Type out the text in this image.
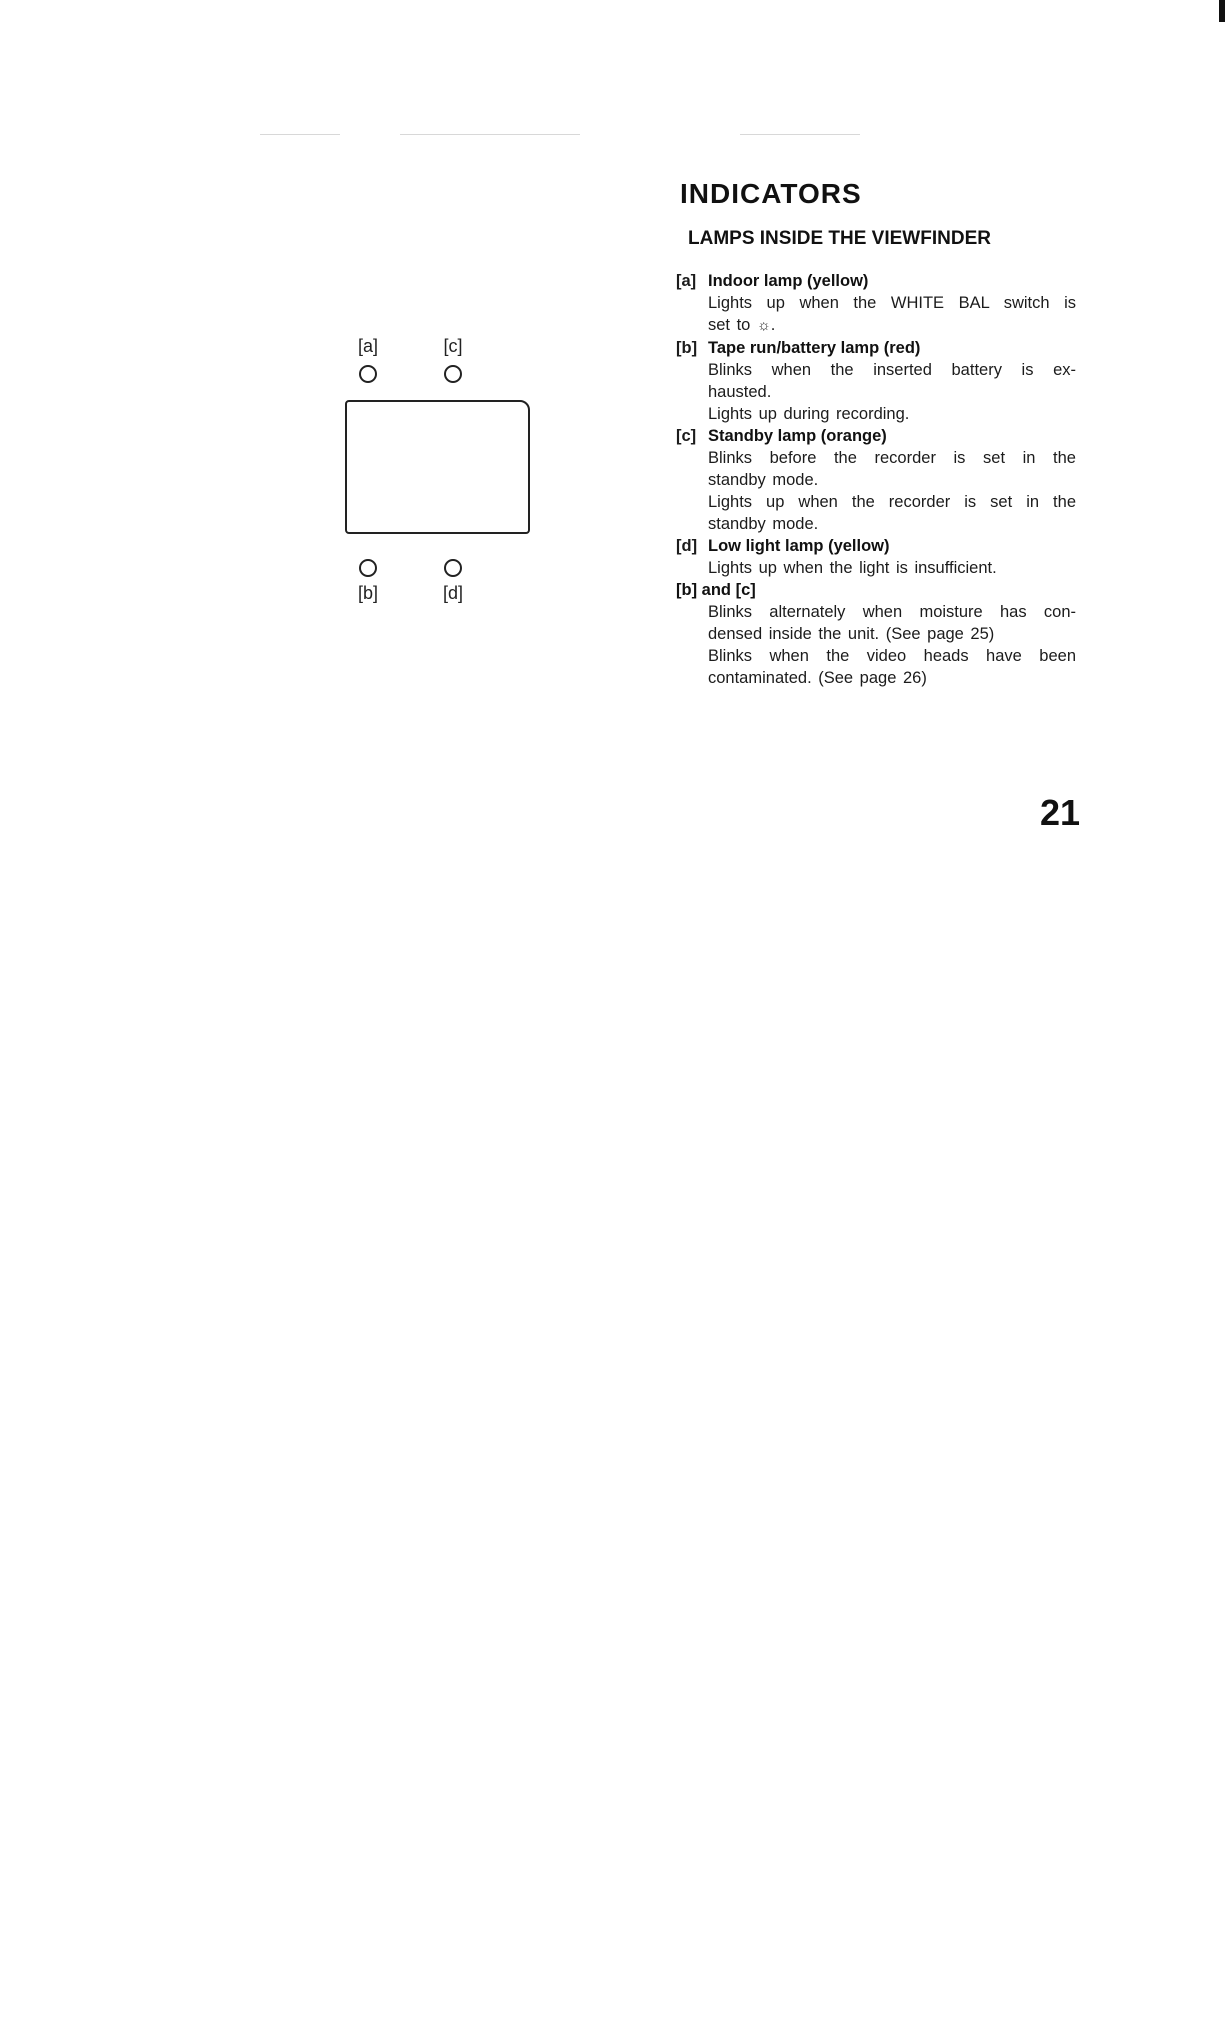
[a]	[c]
[b]	[d]
INDICATORS
LAMPS INSIDE THE VIEWFINDER
[a] Indoor lamp (yellow)
Lights up when the WHITE BAL switch is
set to ☼.
[b] Tape run/battery lamp (red)
Blinks when the inserted battery is ex-
hausted.
Lights up during recording.
[c] Standby lamp (orange)
Blinks before the recorder is set in the
standby mode.
Lights up when the recorder is set in the
standby mode.
[d] Low light lamp (yellow)
Lights up when the light is insufficient.
[b] and [c]
Blinks alternately when moisture has con-
densed inside the unit. (See page 25)
Blinks when the video heads have been
contaminated. (See page 26)
21
